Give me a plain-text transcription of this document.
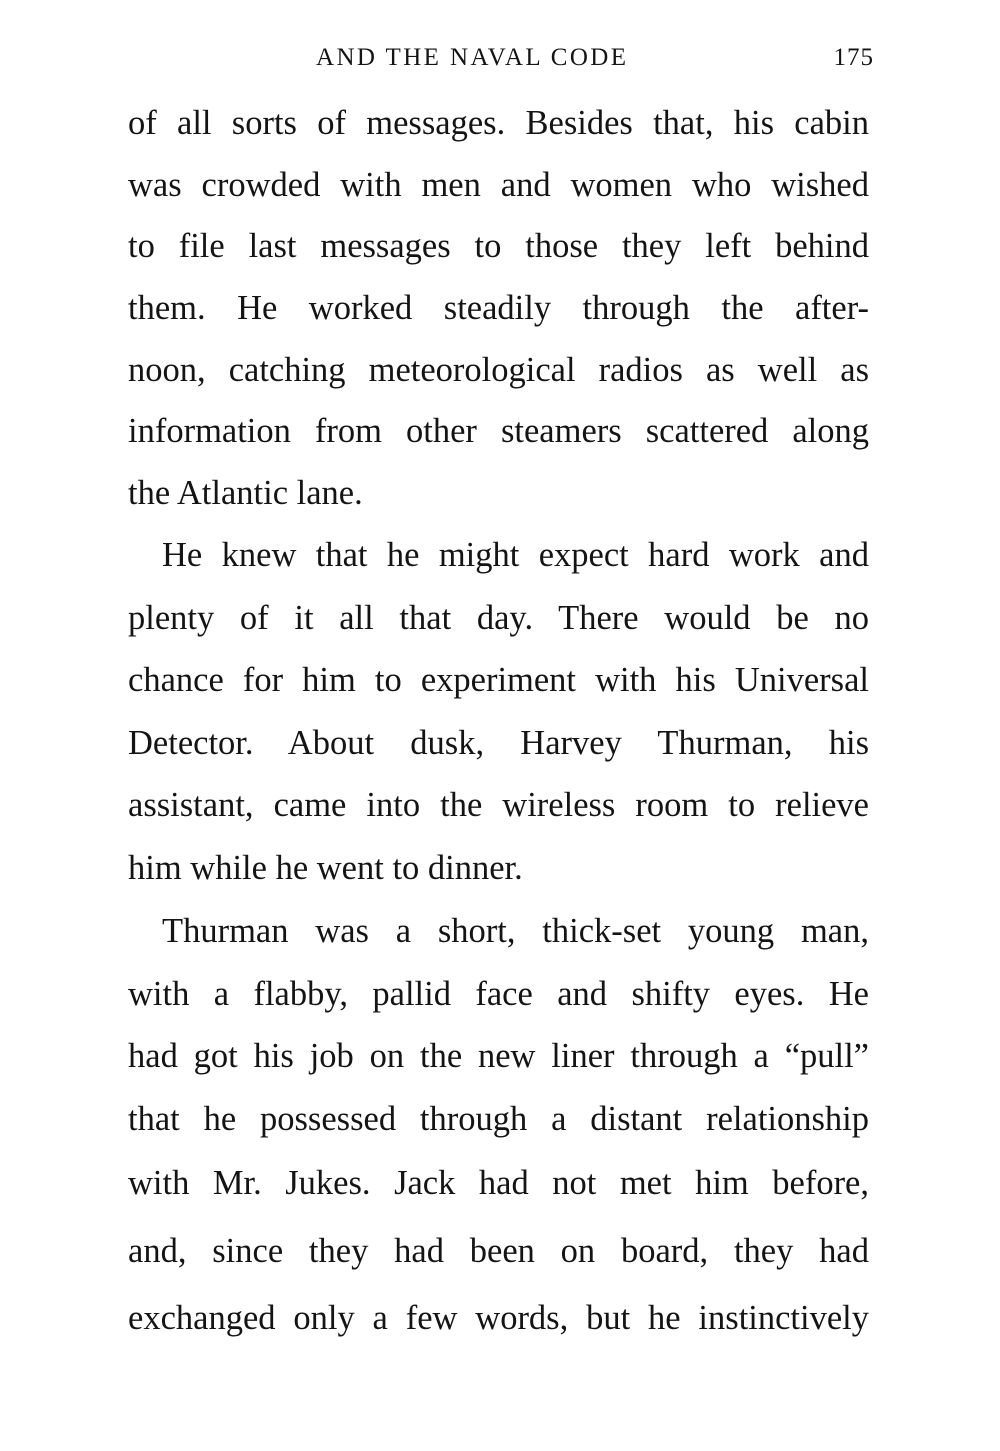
AND THE NAVAL CODE	175
of all sorts of messages. Besides that, his cabin
was crowded with men and women who wished
to file last messages to those they left behind
them. He worked steadily through the after-
noon, catching meteorological radios as well as
information from other steamers scattered along
the Atlantic lane.
He knew that he might expect hard work and
plenty of it all that day. There would be no
chance for him to experiment with his Universal
Detector. About dusk, Harvey Thurman, his
assistant, came into the wireless room to relieve
him while he went to dinner.
Thurman was a short, thick-set young man,
with a flabby, pallid face and shifty eyes. He
had got his job on the new liner through a “pull”
that he possessed through a distant relationship
with Mr. Jukes. Jack had not met him before,
and, since they had been on board, they had
exchanged only a few words, but he instinctively
